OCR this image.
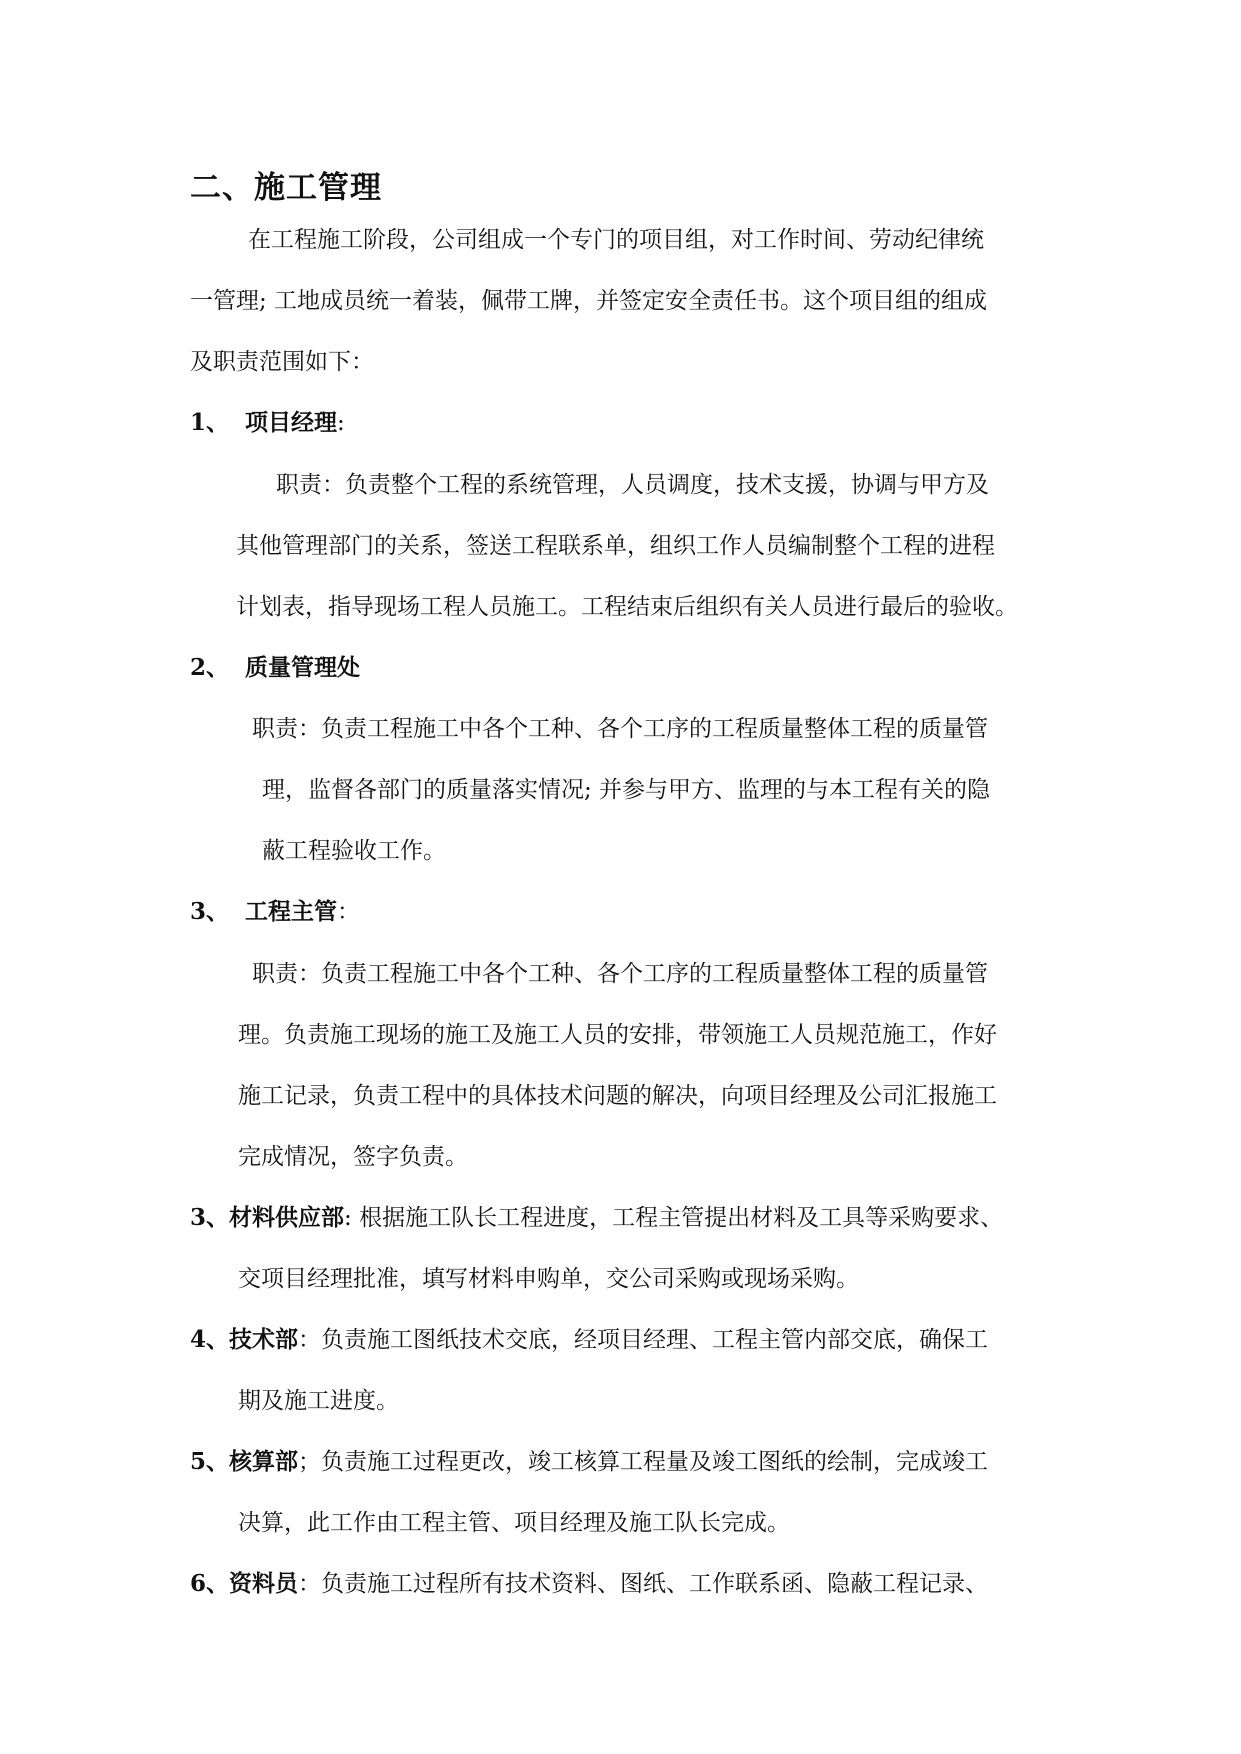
二、施工管理
在工程施工阶段，公司组成一个专门的项目组，对工作时间、劳动纪律统
一管理; 工地成员统一着装，佩带工牌，并签定安全责任书。这个项目组的组成
及职责范围如下：
1、 项目经理:
职责：负责整个工程的系统管理，人员调度，技术支援，协调与甲方及
其他管理部门的关系，签送工程联系单，组织工作人员编制整个工程的进程
计划表，指导现场工程人员施工。工程结束后组织有关人员进行最后的验收。
2、 质量管理处
职责：负责工程施工中各个工种、各个工序的工程质量整体工程的质量管
理，监督各部门的质量落实情况; 并参与甲方、监理的与本工程有关的隐
蔽工程验收工作。
3、 工程主管：
职责：负责工程施工中各个工种、各个工序的工程质量整体工程的质量管
理。负责施工现场的施工及施工人员的安排，带领施工人员规范施工，作好
施工记录，负责工程中的具体技术问题的解决，向项目经理及公司汇报施工
完成情况，签字负责。
3、材料供应部: 根据施工队长工程进度，工程主管提出材料及工具等采购要求、
交项目经理批准，填写材料申购单，交公司采购或现场采购。
4、技术部：负责施工图纸技术交底，经项目经理、工程主管内部交底，确保工
期及施工进度。
5、核算部；负责施工过程更改，竣工核算工程量及竣工图纸的绘制，完成竣工
决算，此工作由工程主管、项目经理及施工队长完成。
6、资料员：负责施工过程所有技术资料、图纸、工作联系函、隐蔽工程记录、
